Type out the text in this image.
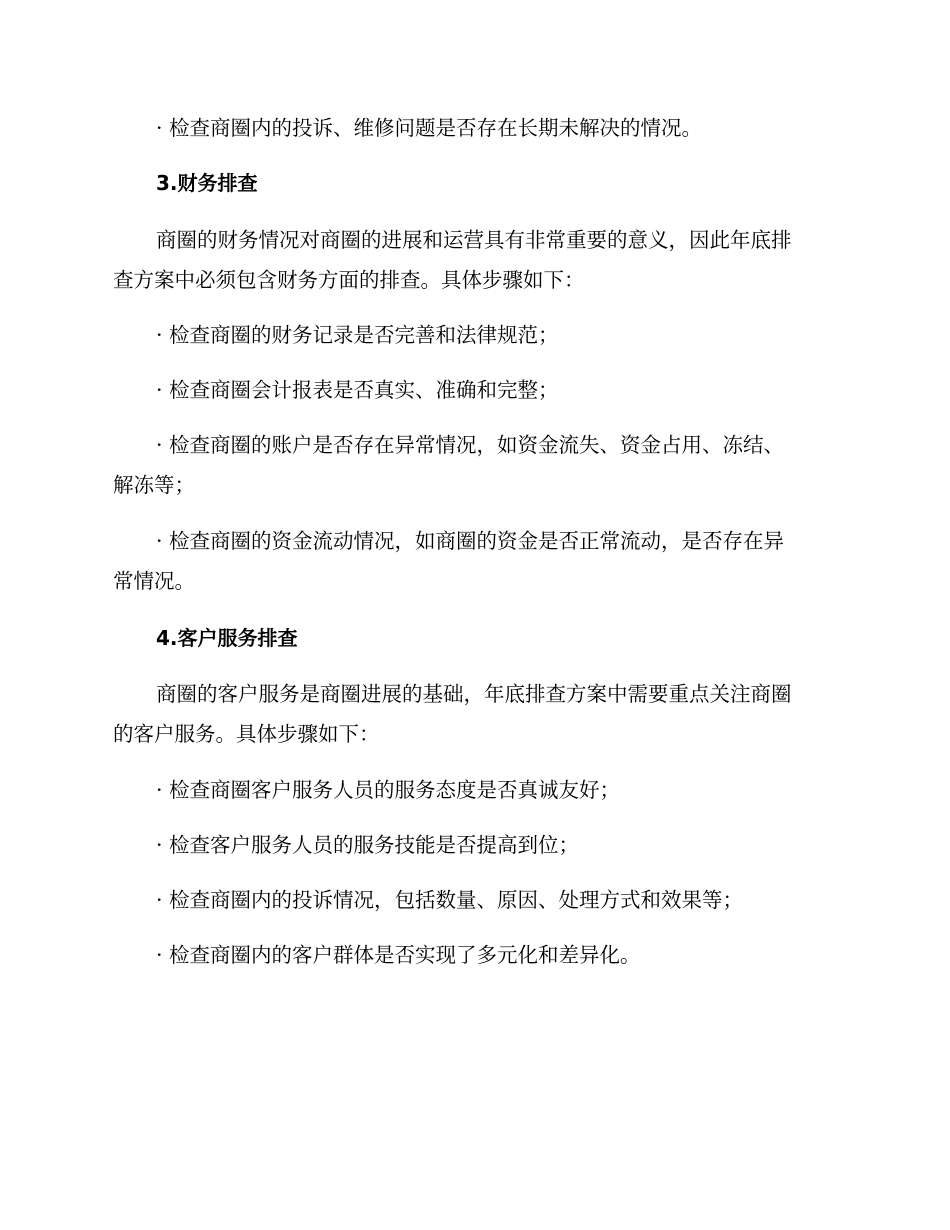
· 检查商圈内的投诉、维修问题是否存在长期未解决的情况。
3.财务排查
商圈的财务情况对商圈的进展和运营具有非常重要的意义，因此年底排
查方案中必须包含财务方面的排查。具体步骤如下：
· 检查商圈的财务记录是否完善和法律规范；
· 检查商圈会计报表是否真实、准确和完整；
· 检查商圈的账户是否存在异常情况，如资金流失、资金占用、冻结、
解冻等；
· 检查商圈的资金流动情况，如商圈的资金是否正常流动，是否存在异
常情况。
4.客户服务排查
商圈的客户服务是商圈进展的基础，年底排查方案中需要重点关注商圈
的客户服务。具体步骤如下：
· 检查商圈客户服务人员的服务态度是否真诚友好；
· 检查客户服务人员的服务技能是否提高到位；
· 检查商圈内的投诉情况，包括数量、原因、处理方式和效果等；
· 检查商圈内的客户群体是否实现了多元化和差异化。
